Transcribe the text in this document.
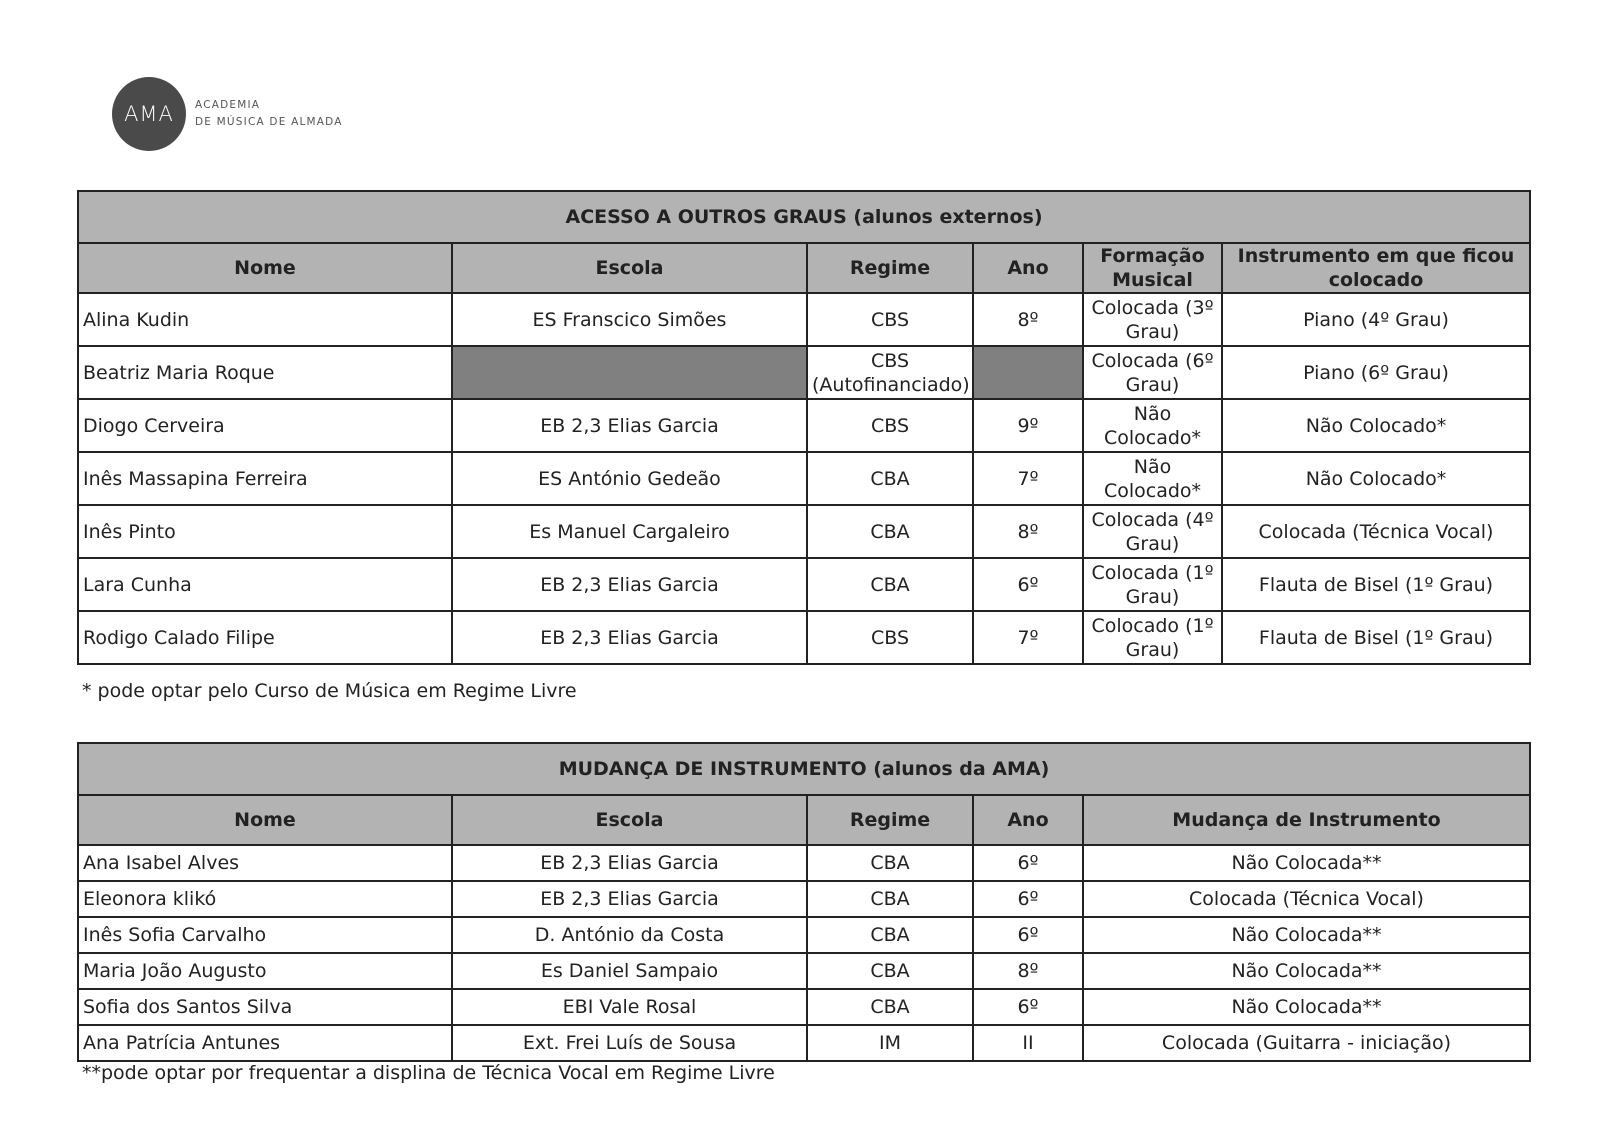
AMA	ACADEMIA
DE MÚSICA DE ALMADA
ACESSO A OUTROS GRAUS (alunos externos)					
Nome	Escola	Regime	Ano	Formação Musical	Instrumento em que ficou colocado
Alina Kudin	ES Franscico Simões	CBS	8º	Colocada (3º Grau)	Piano (4º Grau)
Beatriz Maria Roque		CBS (Autofinanciado)		Colocada (6º Grau)	Piano (6º Grau)
Diogo Cerveira	EB 2,3 Elias Garcia	CBS	9º	Não Colocado*	Não Colocado*
Inês Massapina Ferreira	ES António Gedeão	CBA	7º	Não Colocado*	Não Colocado*
Inês Pinto	Es Manuel Cargaleiro	CBA	8º	Colocada (4º Grau)	Colocada (Técnica Vocal)
Lara Cunha	EB 2,3 Elias Garcia	CBA	6º	Colocada (1º Grau)	Flauta de Bisel (1º Grau)
Rodigo Calado Filipe	EB 2,3 Elias Garcia	CBS	7º	Colocado (1º Grau)	Flauta de Bisel (1º Grau)
* pode optar pelo Curso de Música em Regime Livre
MUDANÇA DE INSTRUMENTO (alunos da AMA)				
Nome	Escola	Regime	Ano	Mudança de Instrumento
Ana Isabel Alves	EB 2,3 Elias Garcia	CBA	6º	Não Colocada**
Eleonora klikó	EB 2,3 Elias Garcia	CBA	6º	Colocada (Técnica Vocal)
Inês Sofia Carvalho	D. António da Costa	CBA	6º	Não Colocada**
Maria João Augusto	Es Daniel Sampaio	CBA	8º	Não Colocada**
Sofia dos Santos Silva	EBI Vale Rosal	CBA	6º	Não Colocada**
Ana Patrícia Antunes	Ext. Frei Luís de Sousa	IM	II	Colocada (Guitarra - iniciação)
**pode optar por frequentar a displina de Técnica Vocal em Regime Livre
